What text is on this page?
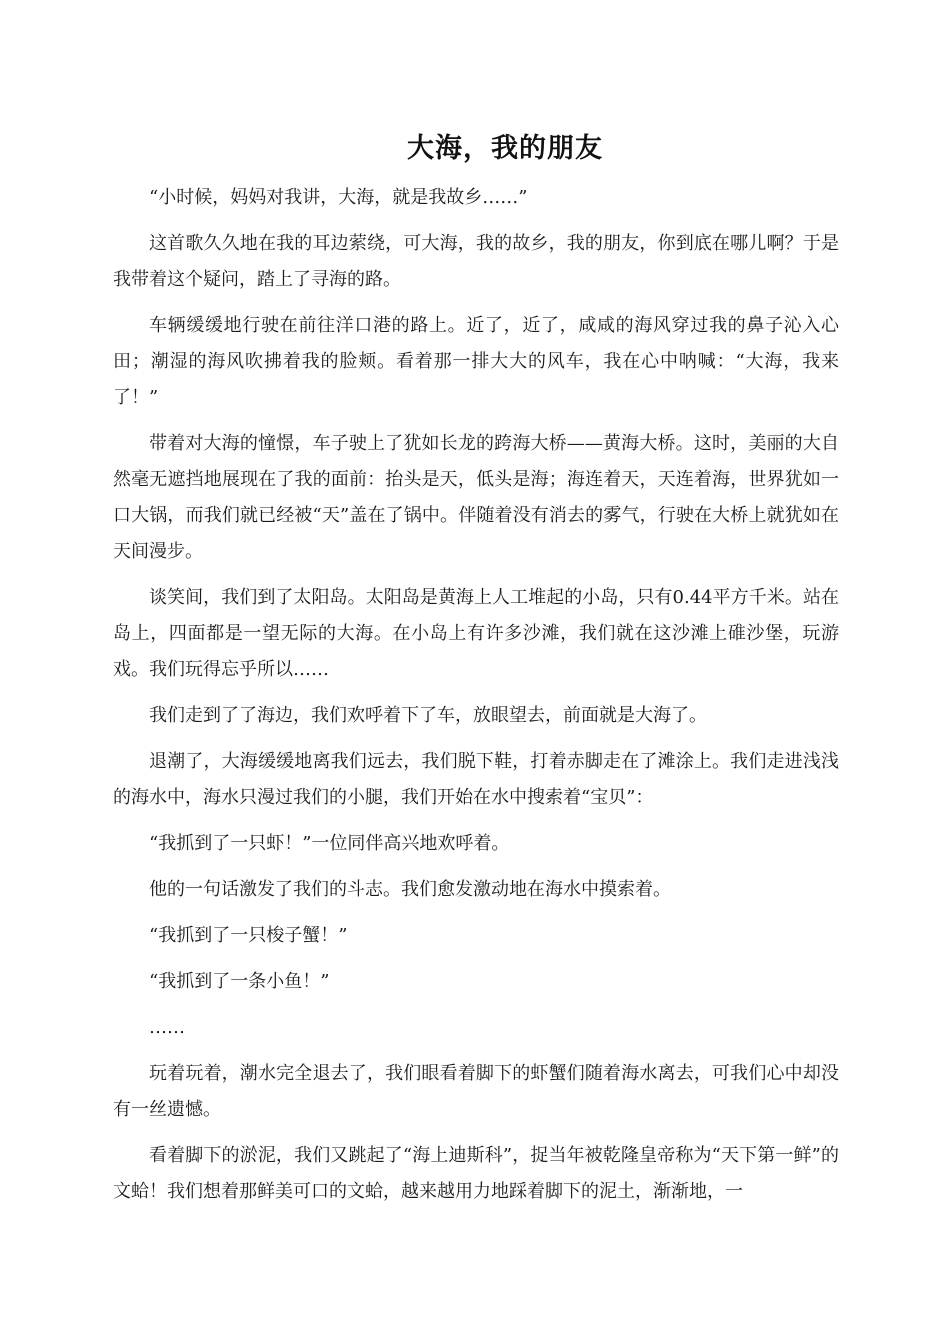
大海，我的朋友

“小时候，妈妈对我讲，大海，就是我故乡……”

这首歌久久地在我的耳边萦绕，可大海，我的故乡，我的朋友，你到底在哪儿啊？于是我带着这个疑问，踏上了寻海的路。

车辆缓缓地行驶在前往洋口港的路上。近了，近了，咸咸的海风穿过我的鼻子沁入心田；潮湿的海风吹拂着我的脸颊。看着那一排大大的风车，我在心中呐喊：“大海，我来了！”

带着对大海的憧憬，车子驶上了犹如长龙的跨海大桥——黄海大桥。这时，美丽的大自然毫无遮挡地展现在了我的面前：抬头是天，低头是海；海连着天，天连着海，世界犹如一口大锅，而我们就已经被“天”盖在了锅中。伴随着没有消去的雾气，行驶在大桥上就犹如在天间漫步。

谈笑间，我们到了太阳岛。太阳岛是黄海上人工堆起的小岛，只有0.44平方千米。站在岛上，四面都是一望无际的大海。在小岛上有许多沙滩，我们就在这沙滩上碓沙堡，玩游戏。我们玩得忘乎所以……

我们走到了了海边，我们欢呼着下了车，放眼望去，前面就是大海了。

退潮了，大海缓缓地离我们远去，我们脱下鞋，打着赤脚走在了滩涂上。我们走进浅浅的海水中，海水只漫过我们的小腿，我们开始在水中搜索着“宝贝”：

“我抓到了一只虾！”一位同伴高兴地欢呼着。

他的一句话激发了我们的斗志。我们愈发激动地在海水中摸索着。

“我抓到了一只梭子蟹！”

“我抓到了一条小鱼！”

……

玩着玩着，潮水完全退去了，我们眼看着脚下的虾蟹们随着海水离去，可我们心中却没有一丝遗憾。

看着脚下的淤泥，我们又跳起了“海上迪斯科”，捉当年被乾隆皇帝称为“天下第一鲜”的文蛤！我们想着那鲜美可口的文蛤，越来越用力地踩着脚下的泥土，渐渐地，一
